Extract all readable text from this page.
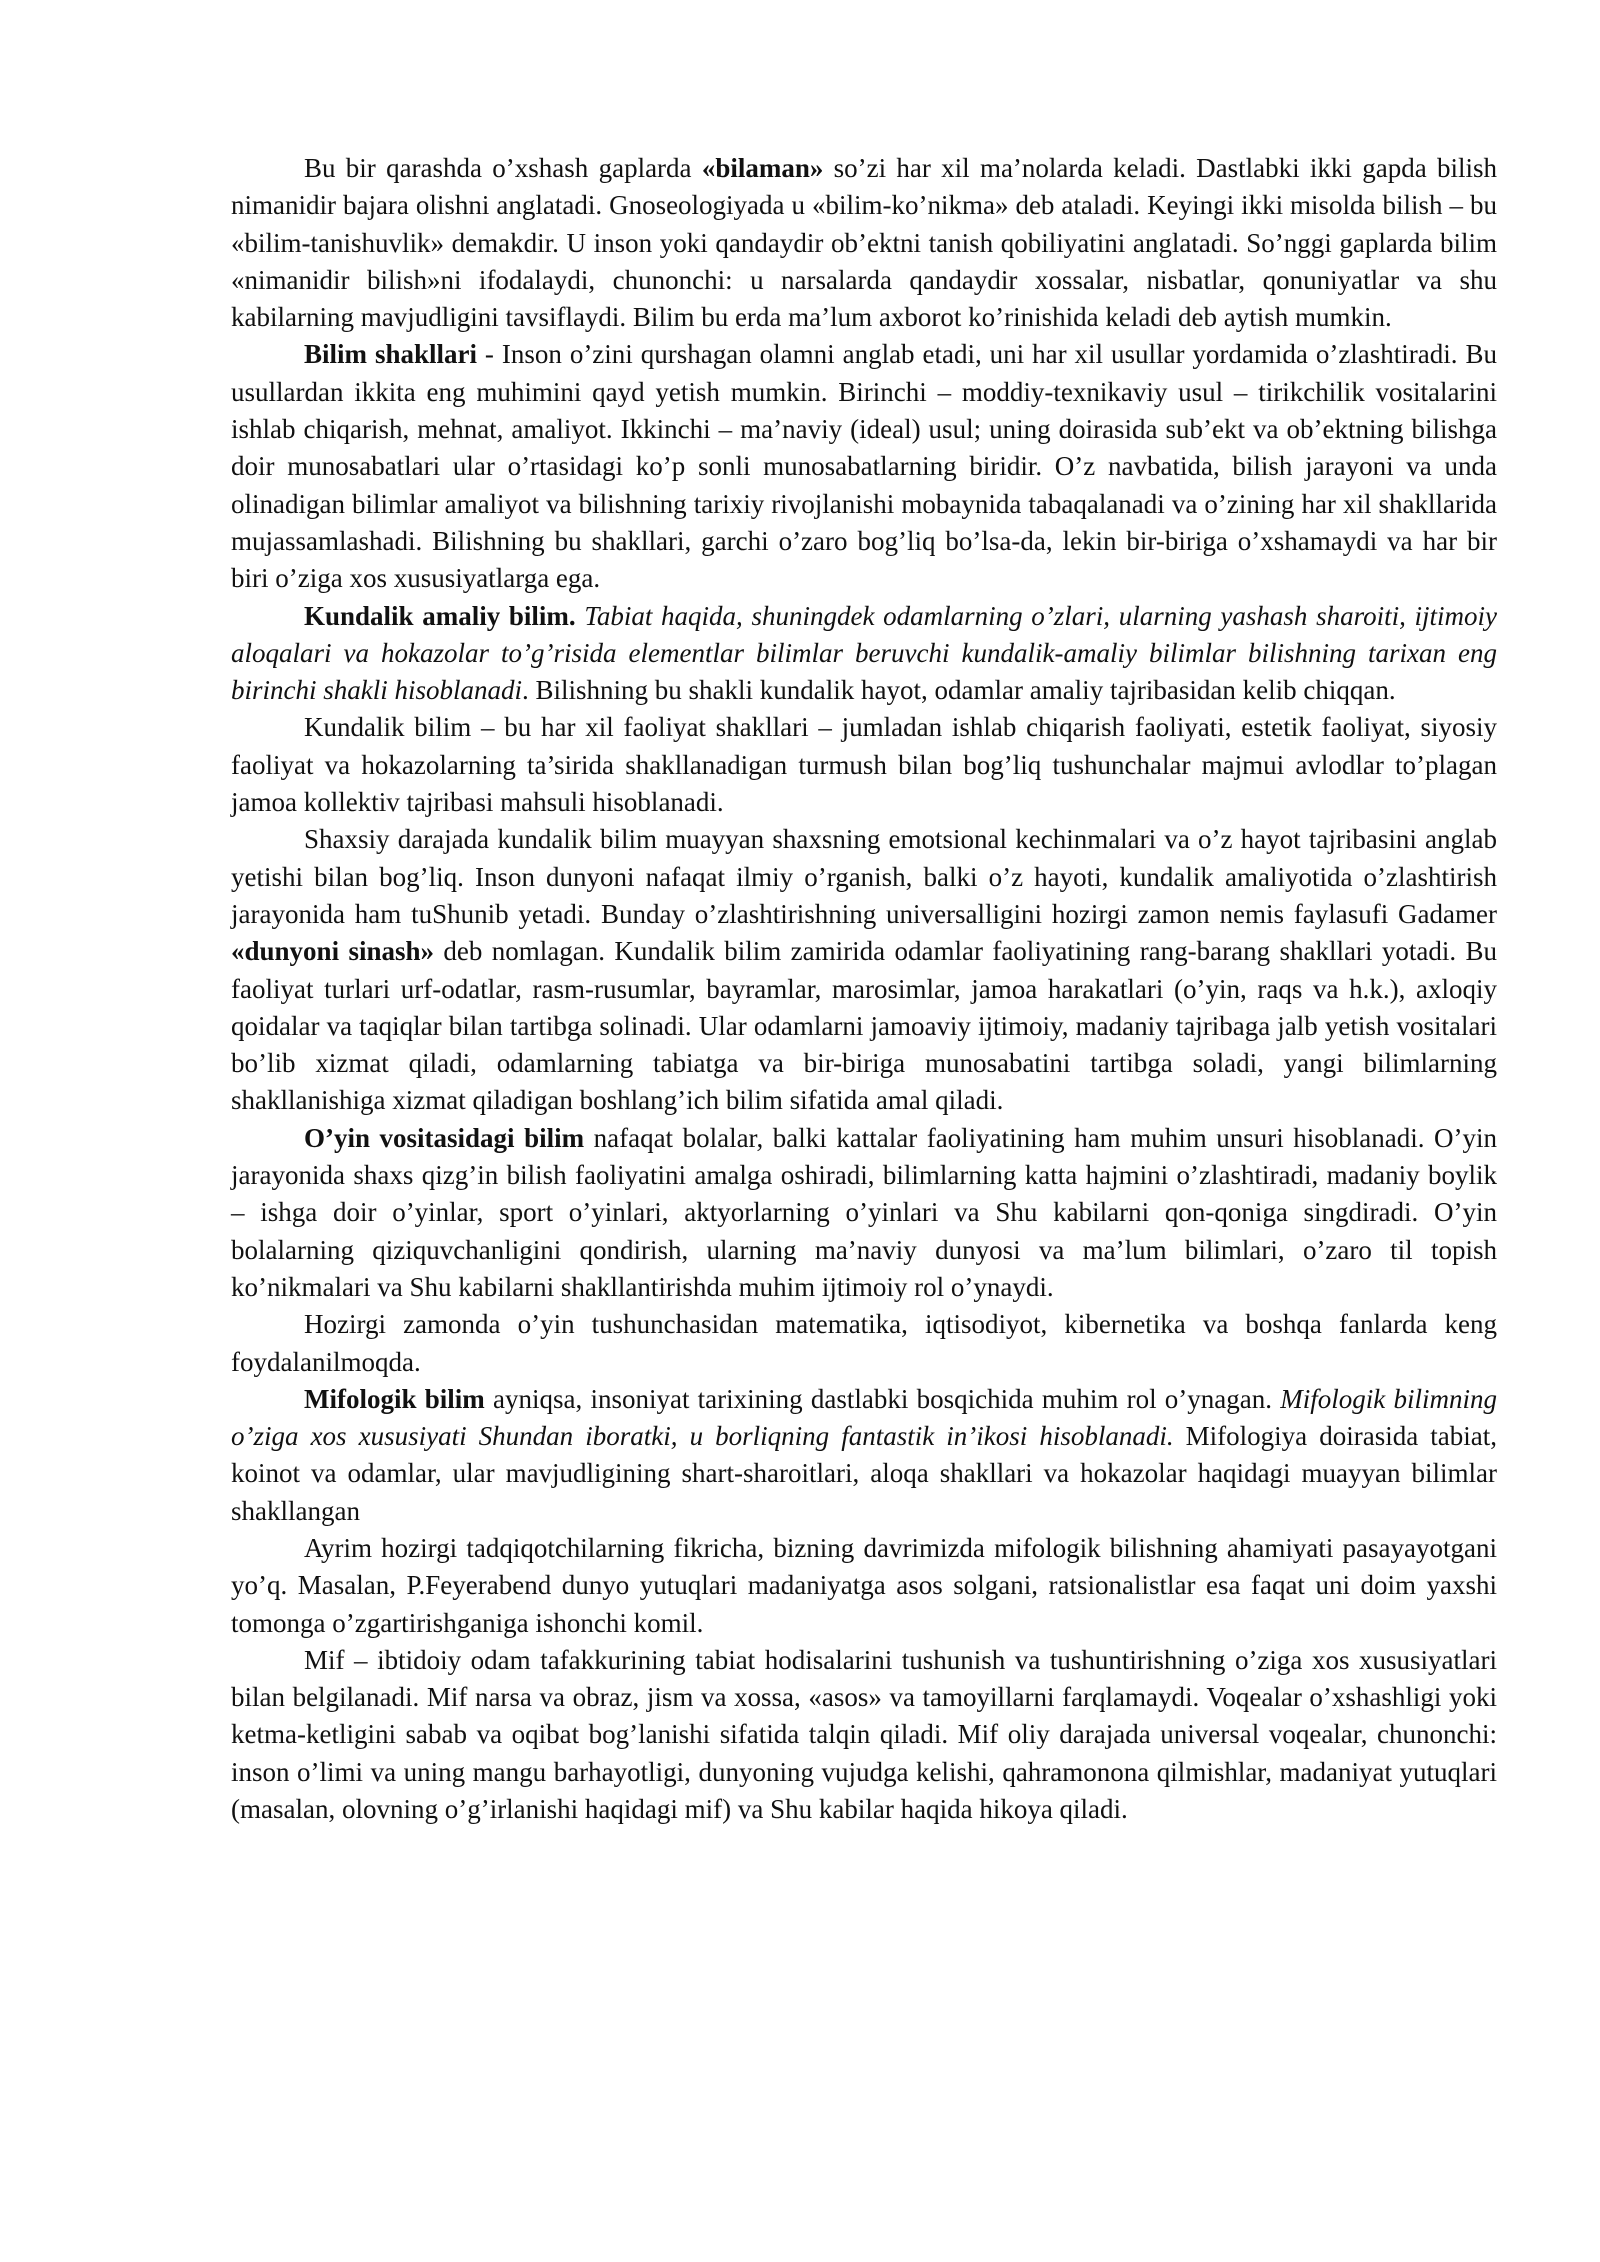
Bu bir qarashda o’xshash gaplarda «bilaman» so’zi har xil ma’nolarda keladi. Dastlabki ikki gapda bilish nimanidir bajara olishni anglatadi. Gnoseologiyada u «bilim-ko’nikma» deb ataladi. Keyingi ikki misolda bilish – bu «bilim-tanishuvlik» demakdir. U inson yoki qandaydir ob’ektni tanish qobiliyatini anglatadi. So’nggi gaplarda bilim «nimanidir bilish»ni ifodalaydi, chunonchi: u narsalarda qandaydir xossalar, nisbatlar, qonuniyatlar va shu kabilarning mavjudligini tavsiflaydi. Bilim bu erda ma’lum axborot ko’rinishida keladi deb aytish mumkin.

Bilim shakllari - Inson o’zini qurshagan olamni anglab etadi, uni har xil usullar yordamida o’zlashtiradi. Bu usullardan ikkita eng muhimini qayd yetish mumkin. Birinchi – moddiy-texnikaviy usul – tirikchilik vositalarini ishlab chiqarish, mehnat, amaliyot. Ikkinchi – ma’naviy (ideal) usul; uning doirasida sub’ekt va ob’ektning bilishga doir munosabatlari ular o’rtasidagi ko’p sonli munosabatlarning biridir. O’z navbatida, bilish jarayoni va unda olinadigan bilimlar amaliyot va bilishning tarixiy rivojlanishi mobaynida tabaqalanadi va o’zining har xil shakllarida mujassamlashadi. Bilishning bu shakllari, garchi o’zaro bog’liq bo’lsa-da, lekin bir-biriga o’xshamaydi va har bir biri o’ziga xos xususiyatlarga ega.

Kundalik amaliy bilim. Tabiat haqida, shuningdek odamlarning o’zlari, ularning yashash sharoiti, ijtimoiy aloqalari va hokazolar to’g’risida elementlar bilimlar beruvchi kundalik-amaliy bilimlar bilishning tarixan eng birinchi shakli hisoblanadi. Bilishning bu shakli kundalik hayot, odamlar amaliy tajribasidan kelib chiqqan.

Kundalik bilim – bu har xil faoliyat shakllari – jumladan ishlab chiqarish faoliyati, estetik faoliyat, siyosiy faoliyat va hokazolarning ta’sirida shakllanadigan turmush bilan bog’liq tushunchalar majmui avlodlar to’plagan jamoa kollektiv tajribasi mahsuli hisoblanadi.

Shaxsiy darajada kundalik bilim muayyan shaxsning emotsional kechinmalari va o’z hayot tajribasini anglab yetishi bilan bog’liq. Inson dunyoni nafaqat ilmiy o’rganish, balki o’z hayoti, kundalik amaliyotida o’zlashtirish jarayonida ham tuShunib yetadi. Bunday o’zlashtirishning universalligini hozirgi zamon nemis faylasufi Gadamer «dunyoni sinash» deb nomlagan. Kundalik bilim zamirida odamlar faoliyatining rang-barang shakllari yotadi. Bu faoliyat turlari urf-odatlar, rasm-rusumlar, bayramlar, marosimlar, jamoa harakatlari (o’yin, raqs va h.k.), axloqiy qoidalar va taqiqlar bilan tartibga solinadi. Ular odamlarni jamoaviy ijtimoiy, madaniy tajribaga jalb yetish vositalari bo’lib xizmat qiladi, odamlarning tabiatga va bir-biriga munosabatini tartibga soladi, yangi bilimlarning shakllanishiga xizmat qiladigan boshlang’ich bilim sifatida amal qiladi.

O’yin vositasidagi bilim nafaqat bolalar, balki kattalar faoliyatining ham muhim unsuri hisoblanadi. O’yin jarayonida shaxs qizg’in bilish faoliyatini amalga oshiradi, bilimlarning katta hajmini o’zlashtiradi, madaniy boylik – ishga doir o’yinlar, sport o’yinlari, aktyorlarning o’yinlari va Shu kabilarni qon-qoniga singdiradi. O’yin bolalarning qiziquvchanligini qondirish, ularning ma’naviy dunyosi va ma’lum bilimlari, o’zaro til topish ko’nikmalari va Shu kabilarni shakllantirishda muhim ijtimoiy rol o’ynaydi.

Hozirgi zamonda o’yin tushunchasidan matematika, iqtisodiyot, kibernetika va boshqa fanlarda keng foydalanilmoqda.

Mifologik bilim ayniqsa, insoniyat tarixining dastlabki bosqichida muhim rol o’ynagan. Mifologik bilimning o’ziga xos xususiyati Shundan iboratki, u borliqning fantastik in’ikosi hisoblanadi. Mifologiya doirasida tabiat, koinot va odamlar, ular mavjudligining shart-sharoitlari, aloqa shakllari va hokazolar haqidagi muayyan bilimlar shakllangan

Ayrim hozirgi tadqiqotchilarning fikricha, bizning davrimizda mifologik bilishning ahamiyati pasayayotgani yo’q. Masalan, P.Feyerabend dunyo yutuqlari madaniyatga asos solgani, ratsionalistlar esa faqat uni doim yaxshi tomonga o’zgartirishganiga ishonchi komil.

Mif – ibtidoiy odam tafakkurining tabiat hodisalarini tushunish va tushuntirishning o’ziga xos xususiyatlari bilan belgilanadi. Mif narsa va obraz, jism va xossa, «asos» va tamoyillarni farqlamaydi. Voqealar o’xshashligi yoki ketma-ketligini sabab va oqibat bog’lanishi sifatida talqin qiladi. Mif oliy darajada universal voqealar, chunonchi: inson o’limi va uning mangu barhayotligi, dunyoning vujudga kelishi, qahramonona qilmishlar, madaniyat yutuqlari (masalan, olovning o’g’irlanishi haqidagi mif) va Shu kabilar haqida hikoya qiladi.
